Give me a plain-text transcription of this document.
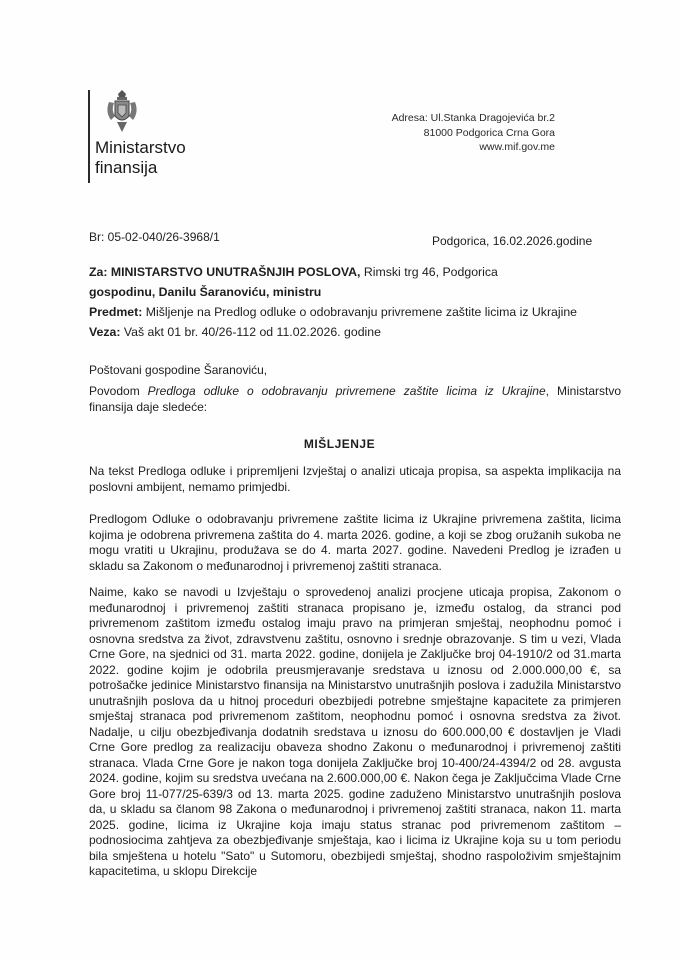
Ministarstvo
finansija
Adresa: Ul.Stanka Dragojevića br.2
81000 Podgorica Crna Gora
www.mif.gov.me
Br: 05-02-040/26-3968/1	Podgorica, 16.02.2026.godine
Za: MINISTARSTVO UNUTRAŠNJIH POSLOVA, Rimski trg 46, Podgorica
gospodinu, Danilu Šaranoviću, ministru
Predmet: Mišljenje na Predlog odluke o odobravanju privremene zaštite licima iz Ukrajine
Veza: Vaš akt 01 br. 40/26-112 od 11.02.2026. godine
Poštovani gospodine Šaranoviću,
Povodom Predloga odluke o odobravanju privremene zaštite licima iz Ukrajine, Ministarstvo finansija daje sledeće:
MIŠLJENJE
Na tekst Predloga odluke i pripremljeni Izvještaj o analizi uticaja propisa, sa aspekta implikacija na poslovni ambijent, nemamo primjedbi.
Predlogom Odluke o odobravanju privremene zaštite licima iz Ukrajine privremena zaštita, licima kojima je odobrena privremena zaštita do 4. marta 2026. godine, a koji se zbog oružanih sukoba ne mogu vratiti u Ukrajinu, produžava se do 4. marta 2027. godine. Navedeni Predlog je izrađen u skladu sa Zakonom o međunarodnoj i privremenoj zaštiti stranaca.
Naime, kako se navodi u Izvještaju o sprovedenoj analizi procjene uticaja propisa, Zakonom o međunarodnoj i privremenoj zaštiti stranaca propisano je, između ostalog, da stranci pod privremenom zaštitom između ostalog imaju pravo na primjeran smještaj, neophodnu pomoć i osnovna sredstva za život, zdravstvenu zaštitu, osnovno i srednje obrazovanje. S tim u vezi, Vlada Crne Gore, na sjednici od 31. marta 2022. godine, donijela je Zaključke broj 04-1910/2 od 31.marta 2022. godine kojim je odobrila preusmjeravanje sredstava u iznosu od 2.000.000,00 €, sa potrošačke jedinice Ministarstvo finansija na Ministarstvo unutrašnjih poslova i zadužila Ministarstvo unutrašnjih poslova da u hitnoj proceduri obezbijedi potrebne smještajne kapacitete za primjeren smještaj stranaca pod privremenom zaštitom, neophodnu pomoć i osnovna sredstva za život. Nadalje, u cilju obezbjeđivanja dodatnih sredstava u iznosu do 600.000,00 € dostavljen je Vladi Crne Gore predlog za realizaciju obaveza shodno Zakonu o međunarodnoj i privremenoj zaštiti stranaca. Vlada Crne Gore je nakon toga donijela Zaključke broj 10-400/24-4394/2 od 28. avgusta 2024. godine, kojim su sredstva uvećana na 2.600.000,00 €. Nakon čega je Zaključcima Vlade Crne Gore broj 11-077/25-639/3 od 13. marta 2025. godine zaduženo Ministarstvo unutrašnjih poslova da, u skladu sa članom 98 Zakona o međunarodnoj i privremenoj zaštiti stranaca, nakon 11. marta 2025. godine, licima iz Ukrajine koja imaju status stranac pod privremenom zaštitom – podnosiocima zahtjeva za obezbjeđivanje smještaja, kao i licima iz Ukrajine koja su u tom periodu bila smještena u hotelu "Sato" u Sutomoru, obezbijedi smještaj, shodno raspoloživim smještajnim kapacitetima, u sklopu Direkcije
